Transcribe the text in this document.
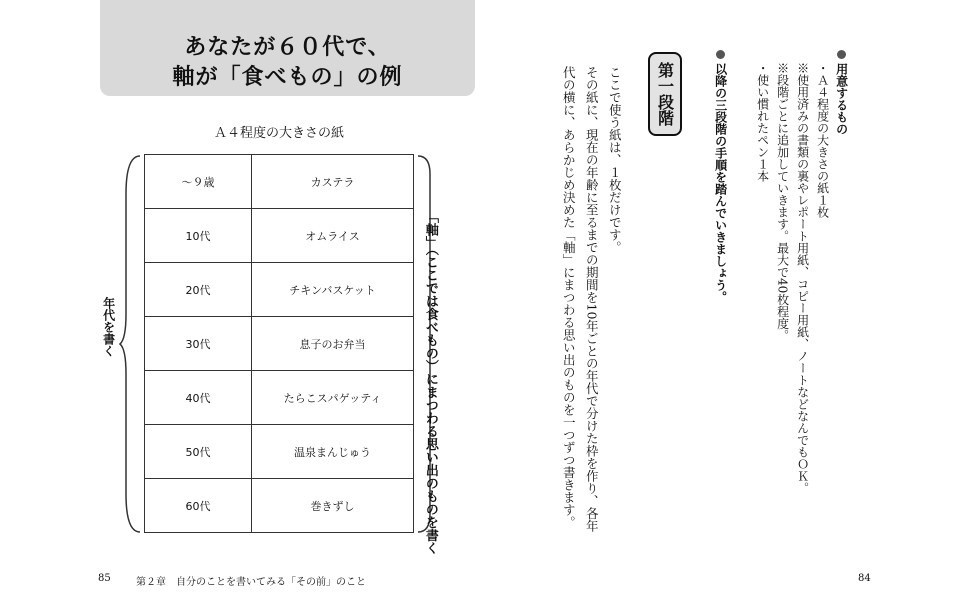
あなたが６０代で、
軸が「食べもの」の例
Ａ４程度の大きさの紙
〜９歳	カステラ
10代	オムライス
20代	チキンバスケット
30代	息子のお弁当
40代	たらこスパゲッティ
50代	温泉まんじゅう
60代	巻きずし
年代を書く	「軸」（ここでは食べもの）にまつわる思い出のものを書く
用意するもの
・Ａ４程度の大きさの紙１枚
※使用済みの書類の裏やレポート用紙、コピー用紙、ノートなどなんでもＯＫ。
※段階ごとに追加していきます。最大で40枚程度。
・使い慣れたペン１本
以降の三段階の手順を踏んでいきましょう。
第一段階
ここで使う紙は、１枚だけです。
その紙に、現在の年齢に至るまでの期間を10年ごとの年代で分けた枠を作り、各年
代の横に、あらかじめ決めた「軸」にまつわる思い出のものを一つずつ書きます。
85	第２章　自分のことを書いてみる「その前」のこと	84
